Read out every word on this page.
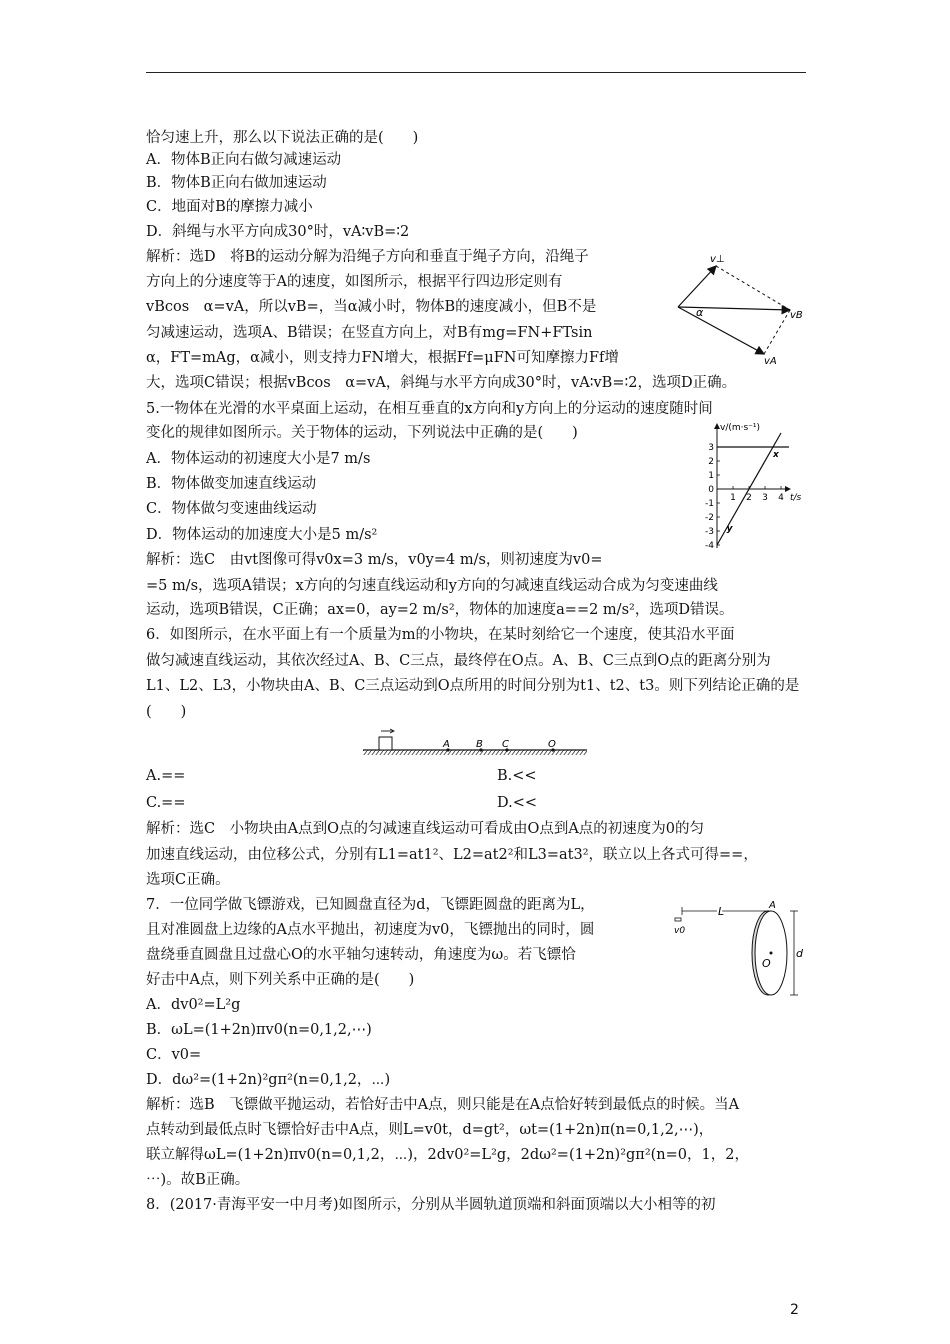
恰匀速上升，那么以下说法正确的是(　　)
A．物体B正向右做匀减速运动
B．物体B正向右做加速运动
C．地面对B的摩擦力减小
D．斜绳与水平方向成30°时，vA∶vB=∶2
解析：选D　将B的运动分解为沿绳子方向和垂直于绳子方向，沿绳子
方向上的分速度等于A的速度，如图所示，根据平行四边形定则有
vBcos　α=vA，所以vB=，当α减小时，物体B的速度减小，但B不是
匀减速运动，选项A、B错误；在竖直方向上，对B有mg=FN+FTsin
α，FT=mAg，α减小，则支持力FN增大，根据Ff=μFN可知摩擦力Ff增
大，选项C错误；根据vBcos　α=vA，斜绳与水平方向成30°时，vA∶vB=∶2，选项D正确。
5.一物体在光滑的水平桌面上运动，在相互垂直的x方向和y方向上的分运动的速度随时间
变化的规律如图所示。关于物体的运动，下列说法中正确的是(　　)
A．物体运动的初速度大小是7 m/s
B．物体做变加速直线运动
C．物体做匀变速曲线运动
D．物体运动的加速度大小是5 m/s²
解析：选C　由vt图像可得v0x=3 m/s，v0y=4 m/s，则初速度为v0=
=5 m/s，选项A错误；x方向的匀速直线运动和y方向的匀减速直线运动合成为匀变速曲线
运动，选项B错误，C正确；ax=0，ay=2 m/s²，物体的加速度a==2 m/s²，选项D错误。
6．如图所示，在水平面上有一个质量为m的小物块，在某时刻给它一个速度，使其沿水平面
做匀减速直线运动，其依次经过A、B、C三点，最终停在O点。A、B、C三点到O点的距离分别为
L1、L2、L3，小物块由A、B、C三点运动到O点所用的时间分别为t1、t2、t3。则下列结论正确的是
(　　)
A.==	B.<<
C.==	D.<<
解析：选C　小物块由A点到O点的匀减速直线运动可看成由O点到A点的初速度为0的匀
加速直线运动，由位移公式，分别有L1=at1²、L2=at2²和L3=at3²，联立以上各式可得==，
选项C正确。
7．一位同学做飞镖游戏，已知圆盘直径为d，飞镖距圆盘的距离为L，
且对准圆盘上边缘的A点水平抛出，初速度为v0，飞镖抛出的同时，圆
盘绕垂直圆盘且过盘心O的水平轴匀速转动，角速度为ω。若飞镖恰
好击中A点，则下列关系中正确的是(　　)
A．dv0²=L²g
B．ωL=(1+2n)πv0(n=0,1,2,⋯)
C．v0=
D．dω²=(1+2n)²gπ²(n=0,1,2，⋯)
解析：选B　飞镖做平抛运动，若恰好击中A点，则只能是在A点恰好转到最低点的时候。当A
点转动到最低点时飞镖恰好击中A点，则L=v0t，d=gt²，ωt=(1+2n)π(n=0,1,2,⋯)，
联立解得ωL=(1+2n)πv0(n=0,1,2，⋯)，2dv0²=L²g，2dω²=(1+2n)²gπ²(n=0，1，2，
⋯)。故B正确。
8．(2017·青海平安一中月考)如图所示，分别从半圆轨道顶端和斜面顶端以大小相等的初
v⊥
α	vB
vA
v/(m·s⁻¹)
t/s
3
2
1
0
-1
-2
-3
-4
1 2 3 4
x
y
A	B C	O
v0
L	A
O
d
2
